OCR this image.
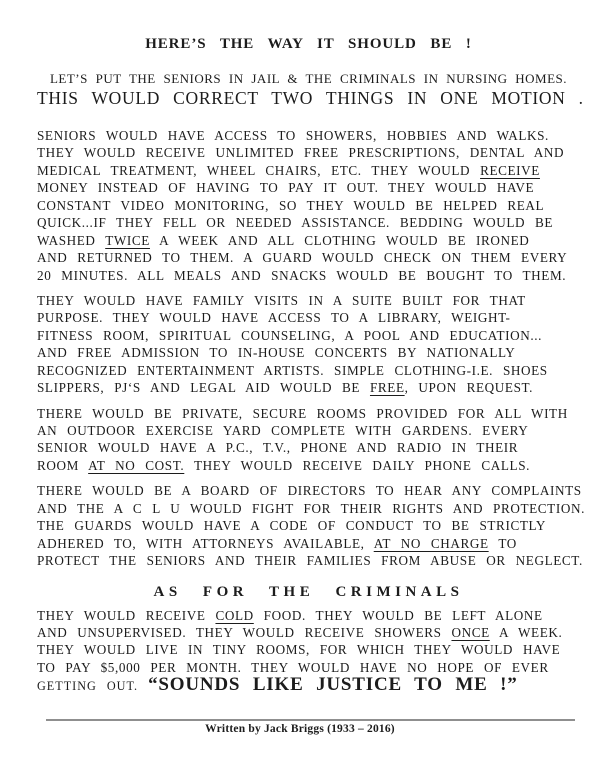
HERE’S THE WAY IT SHOULD BE !

LET’S PUT THE SENIORS IN JAIL & THE CRIMINALS IN NURSING HOMES.

THIS WOULD CORRECT TWO THINGS IN ONE MOTION .

SENIORS WOULD HAVE ACCESS TO SHOWERS, HOBBIES AND WALKS.
THEY WOULD RECEIVE UNLIMITED FREE PRESCRIPTIONS, DENTAL AND
MEDICAL TREATMENT, WHEEL CHAIRS, ETC. THEY WOULD RECEIVE
MONEY INSTEAD OF HAVING TO PAY IT OUT. THEY WOULD HAVE
CONSTANT VIDEO MONITORING, SO THEY WOULD BE HELPED REAL
QUICK...IF THEY FELL OR NEEDED ASSISTANCE. BEDDING WOULD BE
WASHED TWICE A WEEK AND ALL CLOTHING WOULD BE IRONED
AND RETURNED TO THEM. A GUARD WOULD CHECK ON THEM EVERY
20 MINUTES. ALL MEALS AND SNACKS WOULD BE BOUGHT TO THEM.
THEY WOULD HAVE FAMILY VISITS IN A SUITE BUILT FOR THAT
PURPOSE. THEY WOULD HAVE ACCESS TO A LIBRARY, WEIGHT-
FITNESS ROOM, SPIRITUAL COUNSELING, A POOL AND EDUCATION...
AND FREE ADMISSION TO IN-HOUSE CONCERTS BY NATIONALLY
RECOGNIZED ENTERTAINMENT ARTISTS. SIMPLE CLOTHING-I.E. SHOES
SLIPPERS, PJ‘S AND LEGAL AID WOULD BE FREE, UPON REQUEST.
THERE WOULD BE PRIVATE, SECURE ROOMS PROVIDED FOR ALL WITH
AN OUTDOOR EXERCISE YARD COMPLETE WITH GARDENS. EVERY
SENIOR WOULD HAVE A P.C., T.V., PHONE AND RADIO IN THEIR
ROOM AT NO COST. THEY WOULD RECEIVE DAILY PHONE CALLS.
THERE WOULD BE A BOARD OF DIRECTORS TO HEAR ANY COMPLAINTS
AND THE A C L U WOULD FIGHT FOR THEIR RIGHTS AND PROTECTION.
THE GUARDS WOULD HAVE A CODE OF CONDUCT TO BE STRICTLY
ADHERED TO, WITH ATTORNEYS AVAILABLE, AT NO CHARGE TO
PROTECT THE SENIORS AND THEIR FAMILIES FROM ABUSE OR NEGLECT.
AS FOR THE CRIMINALS
THEY WOULD RECEIVE COLD FOOD. THEY WOULD BE LEFT ALONE
AND UNSUPERVISED. THEY WOULD RECEIVE SHOWERS ONCE A WEEK.
THEY WOULD LIVE IN TINY ROOMS, FOR WHICH THEY WOULD HAVE
TO PAY $5,000 PER MONTH. THEY WOULD HAVE NO HOPE OF EVER
GETTING OUT. “SOUNDS LIKE JUSTICE TO ME !”
Written by Jack Briggs (1933 – 2016)
